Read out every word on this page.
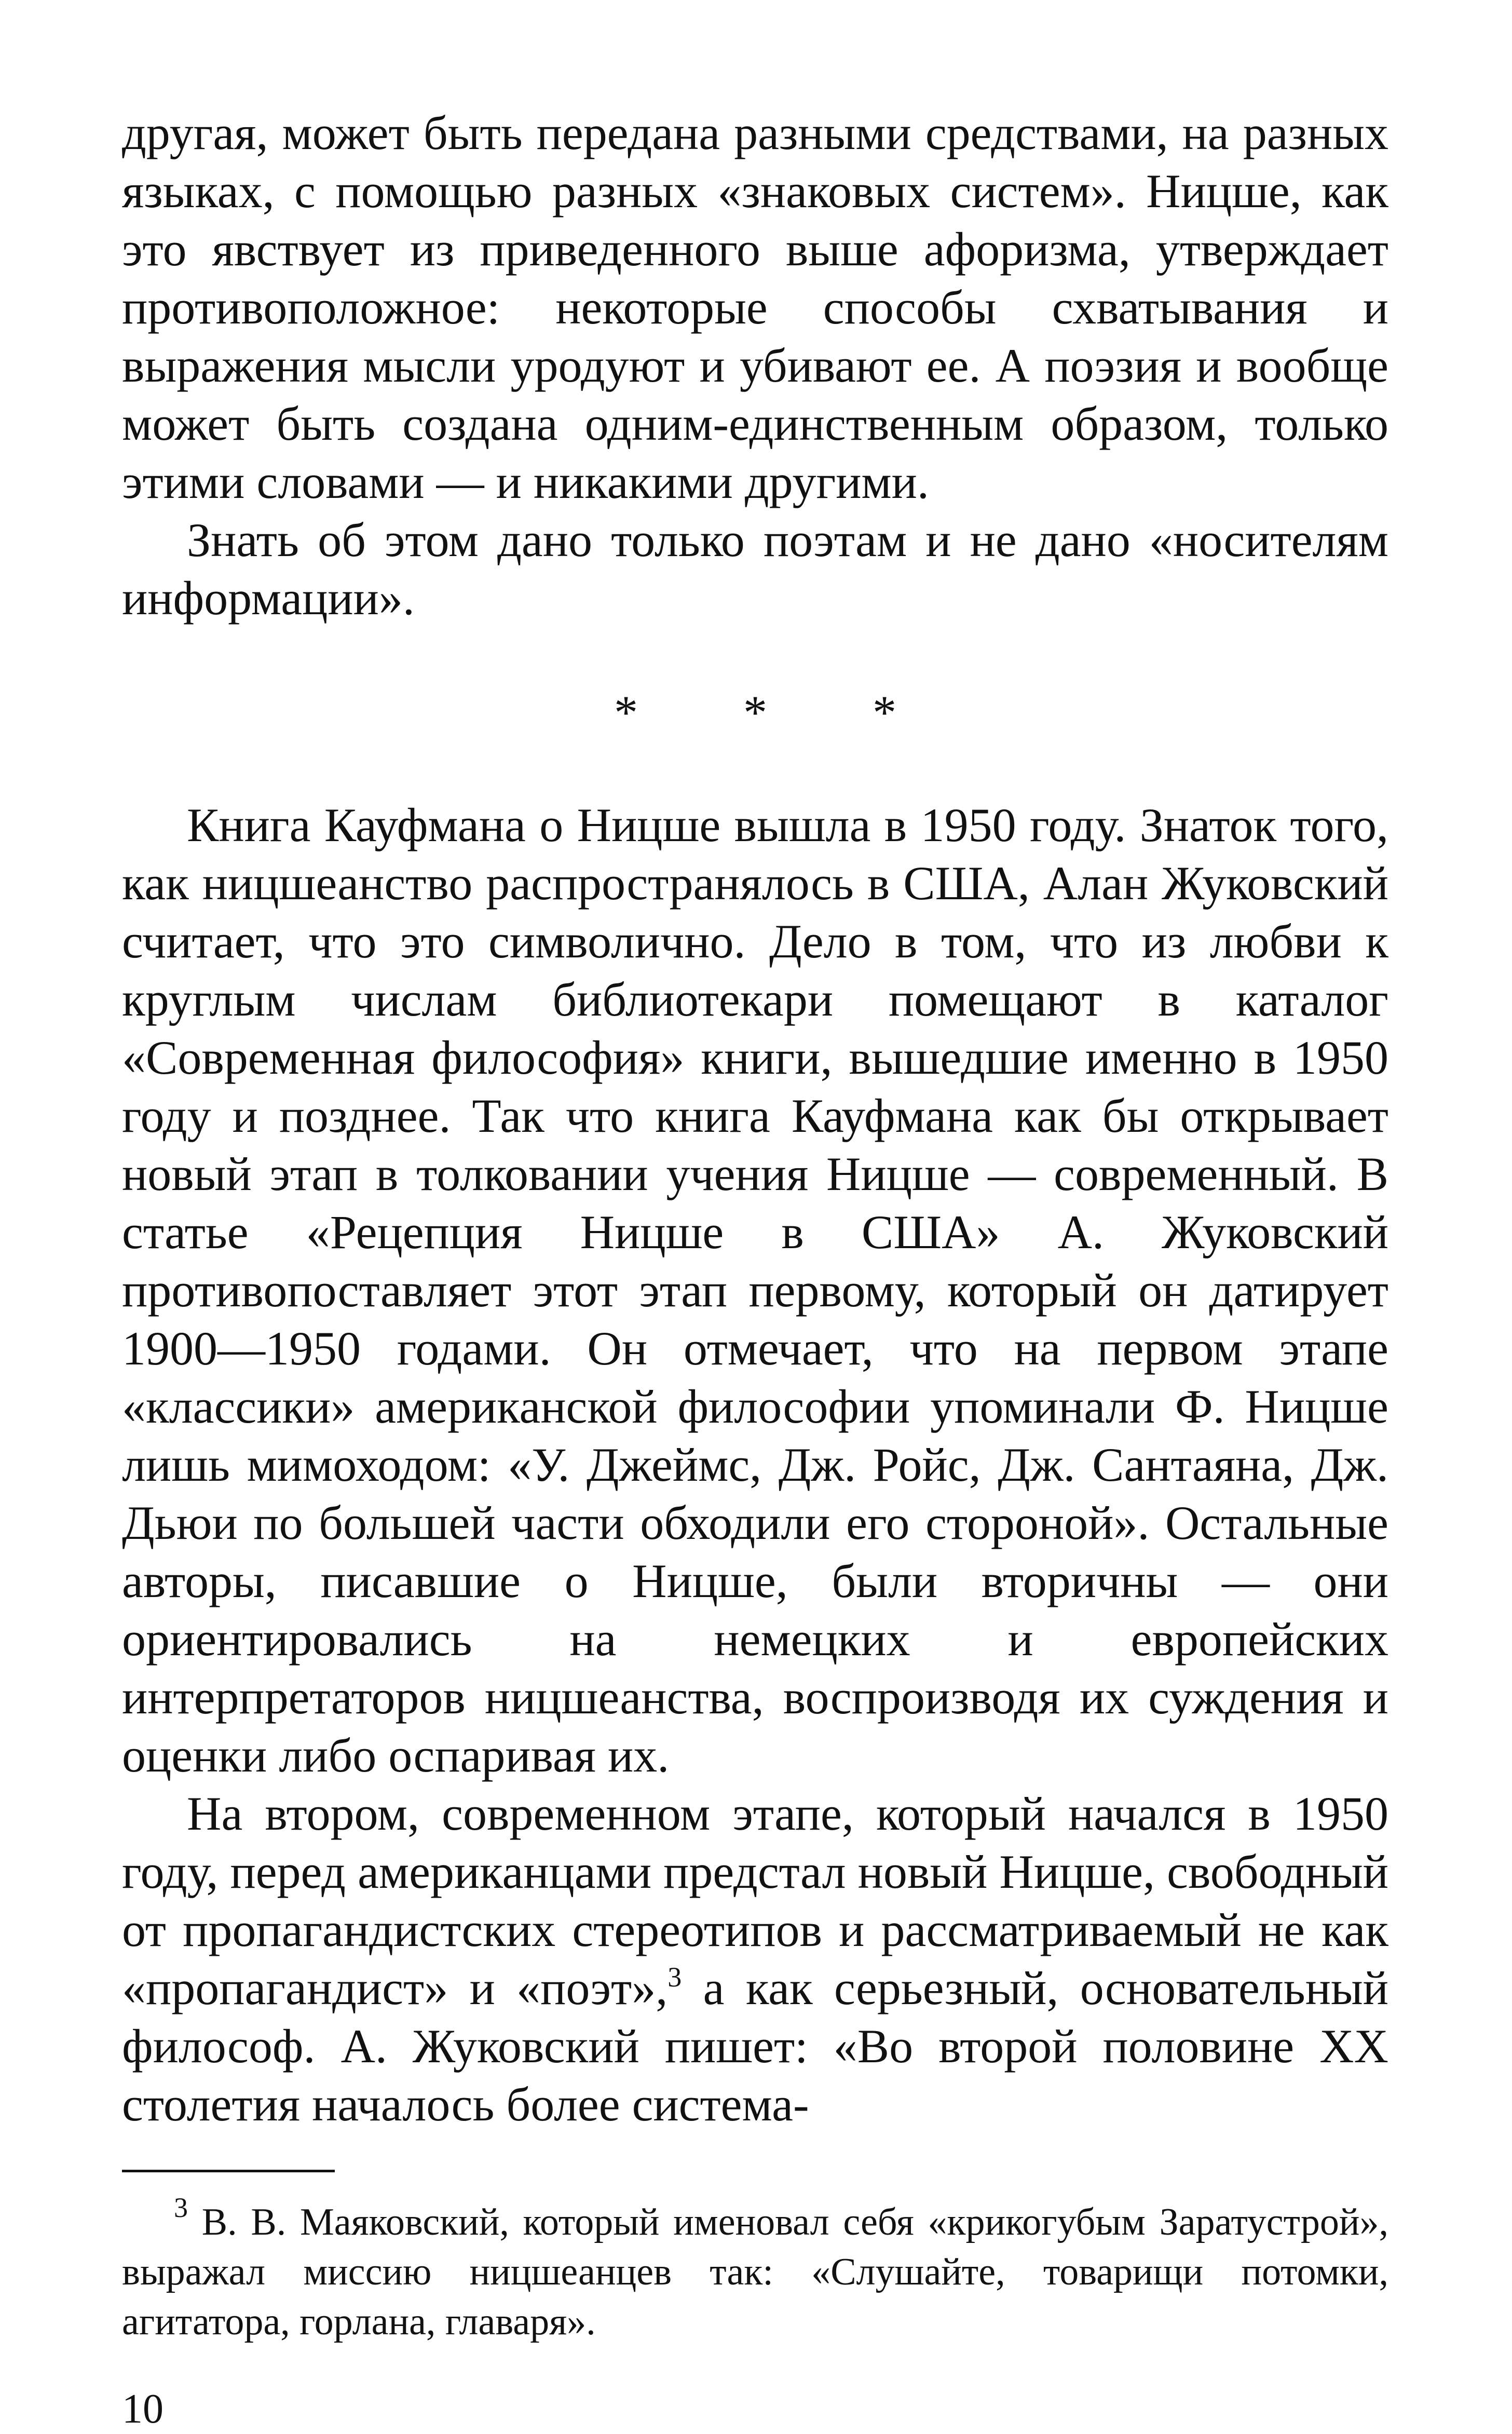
другая, может быть передана разными средствами, на разных языках, с помощью разных «знаковых систем». Ницше, как это явствует из приведенного выше афоризма, утверждает противоположное: некоторые способы схватывания и выражения мысли уродуют и убивают ее. А поэзия и вообще может быть создана одним-единственным образом, только этими словами — и никакими другими.

Знать об этом дано только поэтам и не дано «носителям информации».

* * *

Книга Кауфмана о Ницше вышла в 1950 году. Знаток того, как ницшеанство распространялось в США, Алан Жуковский считает, что это символично. Дело в том, что из любви к круглым числам библиотекари помещают в каталог «Современная философия» книги, вышедшие именно в 1950 году и позднее. Так что книга Кауфмана как бы открывает новый этап в толковании учения Ницше — современный. В статье «Рецепция Ницше в США» А. Жуковский противопоставляет этот этап первому, который он датирует 1900—1950 годами. Он отмечает, что на первом этапе «классики» американской философии упоминали Ф. Ницше лишь мимоходом: «У. Джеймс, Дж. Ройс, Дж. Сантаяна, Дж. Дьюи по большей части обходили его стороной». Остальные авторы, писавшие о Ницше, были вторичны — они ориентировались на немецких и европейских интерпретаторов ницшеанства, воспроизводя их суждения и оценки либо оспаривая их.

На втором, современном этапе, который начался в 1950 году, перед американцами предстал новый Ницше, свободный от пропагандистских стереотипов и рассматриваемый не как «пропагандист» и «поэт»,$^3$ а как серьезный, основательный философ. А. Жуковский пишет: «Во второй половине XX столетия началось более система-

$^3$ В. В. Маяковский, который именовал себя «крикогубым Заратустрой», выражал миссию ницшеанцев так: «Слушайте, товарищи потомки, агитатора, горлана, главаря».

10
